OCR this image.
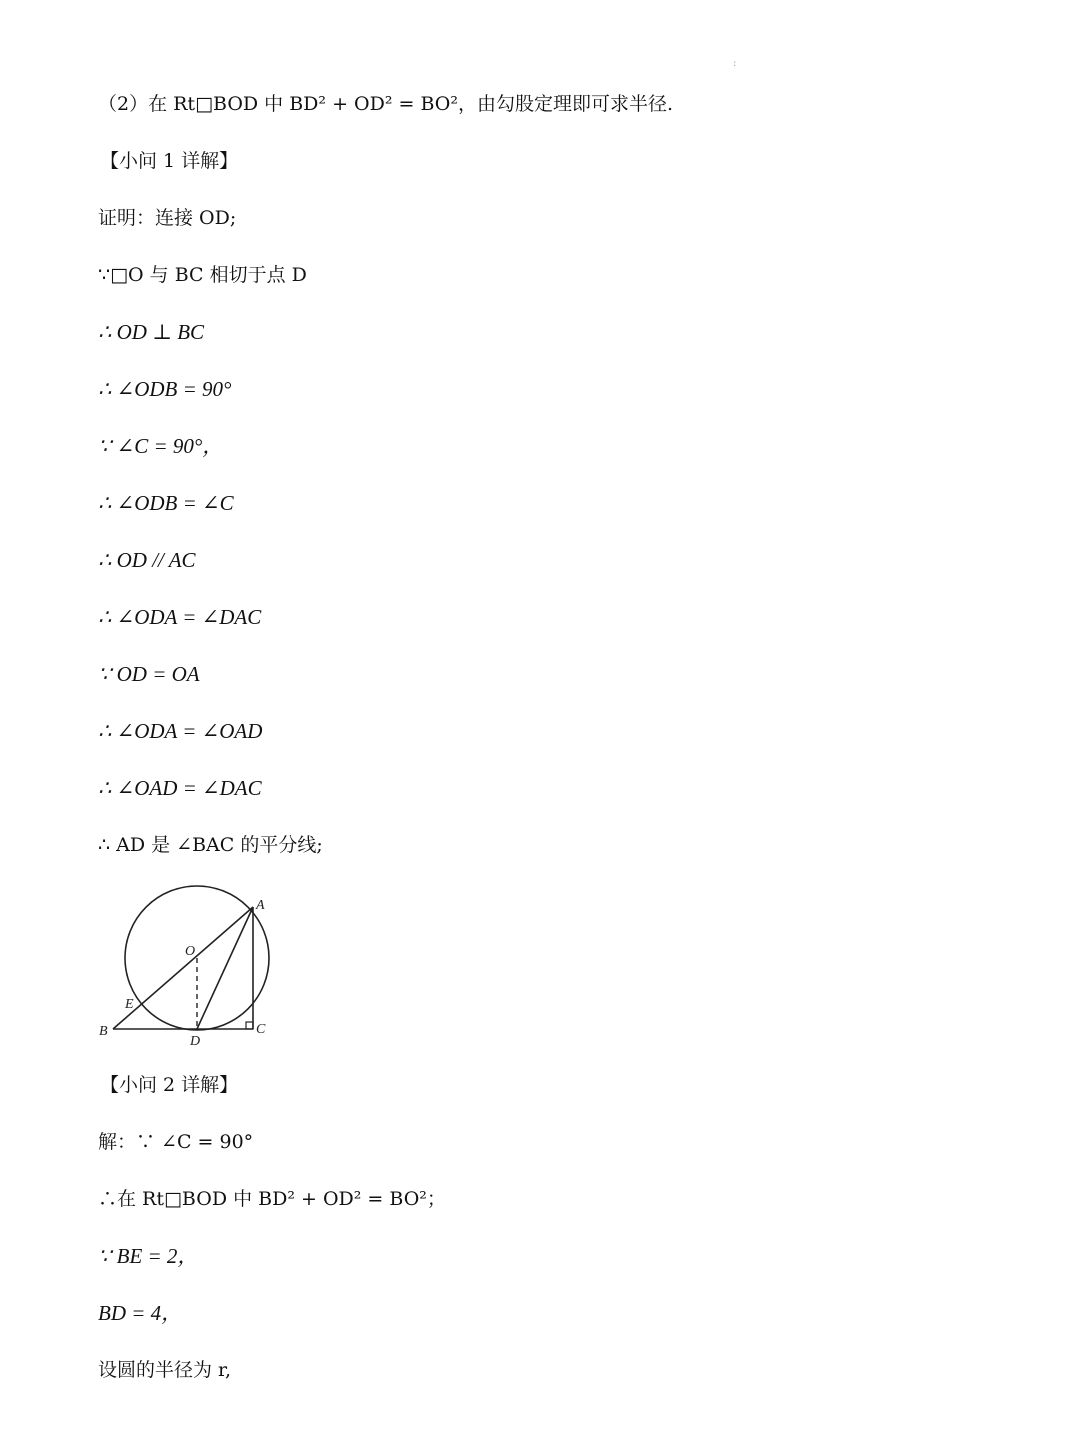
:
（2）在 Rt□BOD 中 BD² + OD² = BO²，由勾股定理即可求半径.
【小问 1 详解】
证明：连接 OD;
∵□O 与 BC 相切于点 D
∴ OD ⊥ BC
∴ ∠ODB = 90°
∵ ∠C = 90°，
∴ ∠ODB = ∠C
∴ OD // AC
∴ ∠ODA = ∠DAC
∵ OD = OA
∴ ∠ODA = ∠OAD
∴ ∠OAD = ∠DAC
∴ AD 是 ∠BAC 的平分线;
A
O
E
B
D
C
【小问 2 详解】
解：∵ ∠C = 90°
∴在 Rt□BOD 中 BD² + OD² = BO²；
∵ BE = 2，
BD = 4，
设圆的半径为 r,
